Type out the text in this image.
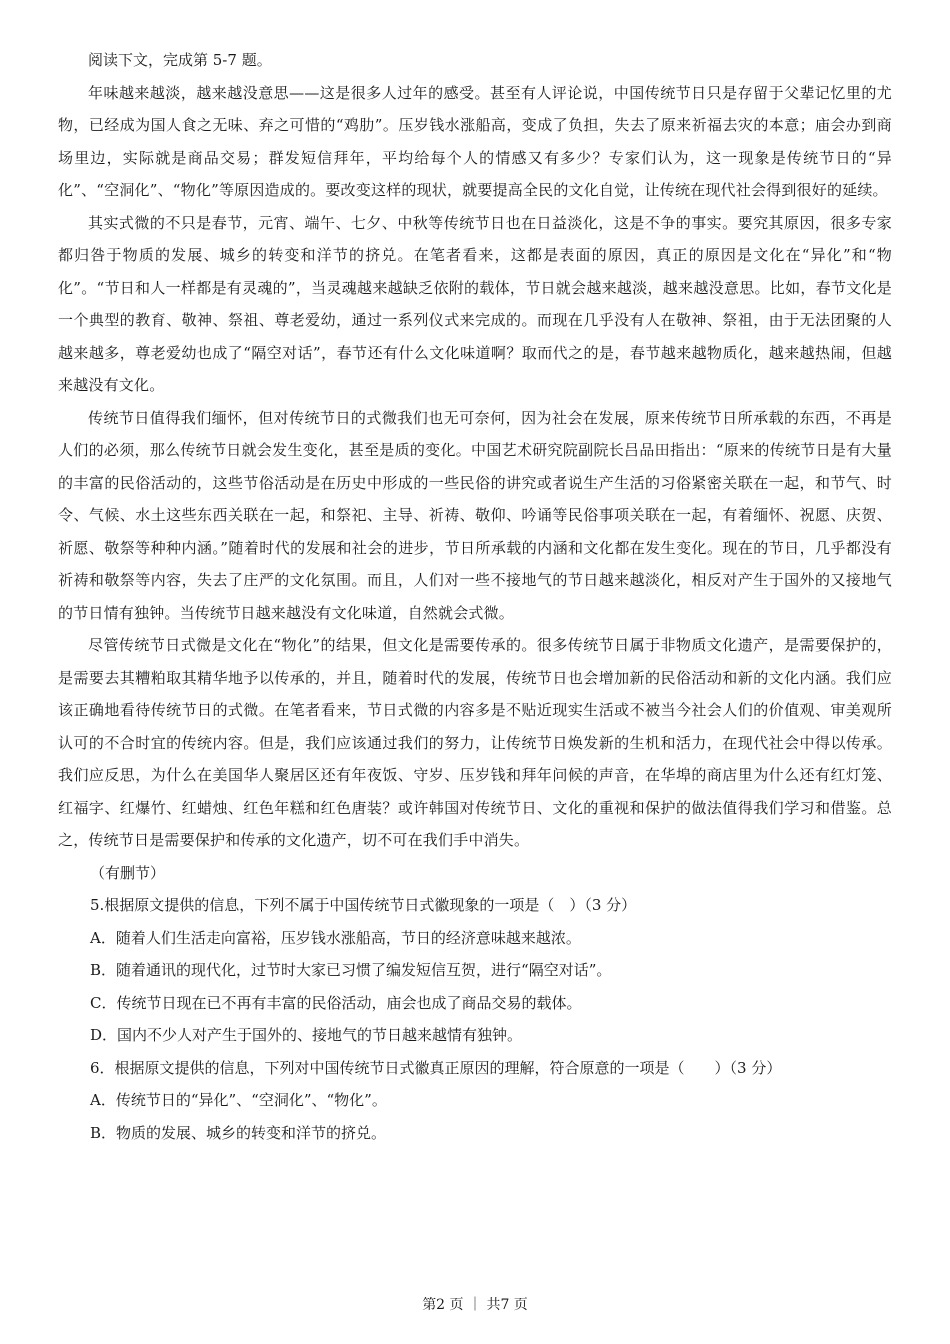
阅读下文，完成第 5-7 题。

年味越来越淡，越来越没意思——这是很多人过年的感受。甚至有人评论说，中国传统节日只是存留于父辈记忆里的尤物，已经成为国人食之无味、弃之可惜的“鸡肋”。压岁钱水涨船高，变成了负担，失去了原来祈福去灾的本意；庙会办到商场里边，实际就是商品交易；群发短信拜年，平均给每个人的情感又有多少？专家们认为，这一现象是传统节日的“异化”、“空洞化”、“物化”等原因造成的。要改变这样的现状，就要提高全民的文化自觉，让传统在现代社会得到很好的延续。

其实式微的不只是春节，元宵、端午、七夕、中秋等传统节日也在日益淡化，这是不争的事实。要究其原因，很多专家都归咎于物质的发展、城乡的转变和洋节的挤兑。在笔者看来，这都是表面的原因，真正的原因是文化在“异化”和“物化”。“节日和人一样都是有灵魂的”，当灵魂越来越缺乏依附的载体，节日就会越来越淡，越来越没意思。比如，春节文化是一个典型的教育、敬神、祭祖、尊老爱幼，通过一系列仪式来完成的。而现在几乎没有人在敬神、祭祖，由于无法团聚的人越来越多，尊老爱幼也成了“隔空对话”，春节还有什么文化味道啊？取而代之的是，春节越来越物质化，越来越热闹，但越来越没有文化。

传统节日值得我们缅怀，但对传统节日的式微我们也无可奈何，因为社会在发展，原来传统节日所承载的东西，不再是人们的必须，那么传统节日就会发生变化，甚至是质的变化。中国艺术研究院副院长吕品田指出：“原来的传统节日是有大量的丰富的民俗活动的，这些节俗活动是在历史中形成的一些民俗的讲究或者说生产生活的习俗紧密关联在一起，和节气、时令、气候、水土这些东西关联在一起，和祭祀、主导、祈祷、敬仰、吟诵等民俗事项关联在一起，有着缅怀、祝愿、庆贺、祈愿、敬祭等种种内涵。”随着时代的发展和社会的进步，节日所承载的内涵和文化都在发生变化。现在的节日，几乎都没有祈祷和敬祭等内容，失去了庄严的文化氛围。而且，人们对一些不接地气的节日越来越淡化，相反对产生于国外的又接地气的节日情有独钟。当传统节日越来越没有文化味道，自然就会式微。

尽管传统节日式微是文化在“物化”的结果，但文化是需要传承的。很多传统节日属于非物质文化遗产，是需要保护的，是需要去其糟粕取其精华地予以传承的，并且，随着时代的发展，传统节日也会增加新的民俗活动和新的文化内涵。我们应该正确地看待传统节日的式微。在笔者看来，节日式微的内容多是不贴近现实生活或不被当今社会人们的价值观、审美观所认可的不合时宜的传统内容。但是，我们应该通过我们的努力，让传统节日焕发新的生机和活力，在现代社会中得以传承。我们应反思，为什么在美国华人聚居区还有年夜饭、守岁、压岁钱和拜年问候的声音，在华埠的商店里为什么还有红灯笼、红福字、红爆竹、红蜡烛、红色年糕和红色唐装？或许韩国对传统节日、文化的重视和保护的做法值得我们学习和借鉴。总之，传统节日是需要保护和传承的文化遗产，切不可在我们手中消失。

（有删节）

5.根据原文提供的信息，下列不属于中国传统节日式徽现象的一项是（　）（3 分）

A．随着人们生活走向富裕，压岁钱水涨船高，节日的经济意味越来越浓。

B．随着通讯的现代化，过节时大家已习惯了编发短信互贺，进行“隔空对话”。

C．传统节日现在已不再有丰富的民俗活动，庙会也成了商品交易的载体。

D．国内不少人对产生于国外的、接地气的节日越来越情有独钟。

6．根据原文提供的信息，下列对中国传统节日式徽真正原因的理解，符合原意的一项是（　　）（3 分）

A．传统节日的“异化”、“空洞化”、“物化”。

B．物质的发展、城乡的转变和洋节的挤兑。

第2 页 ｜ 共7 页
